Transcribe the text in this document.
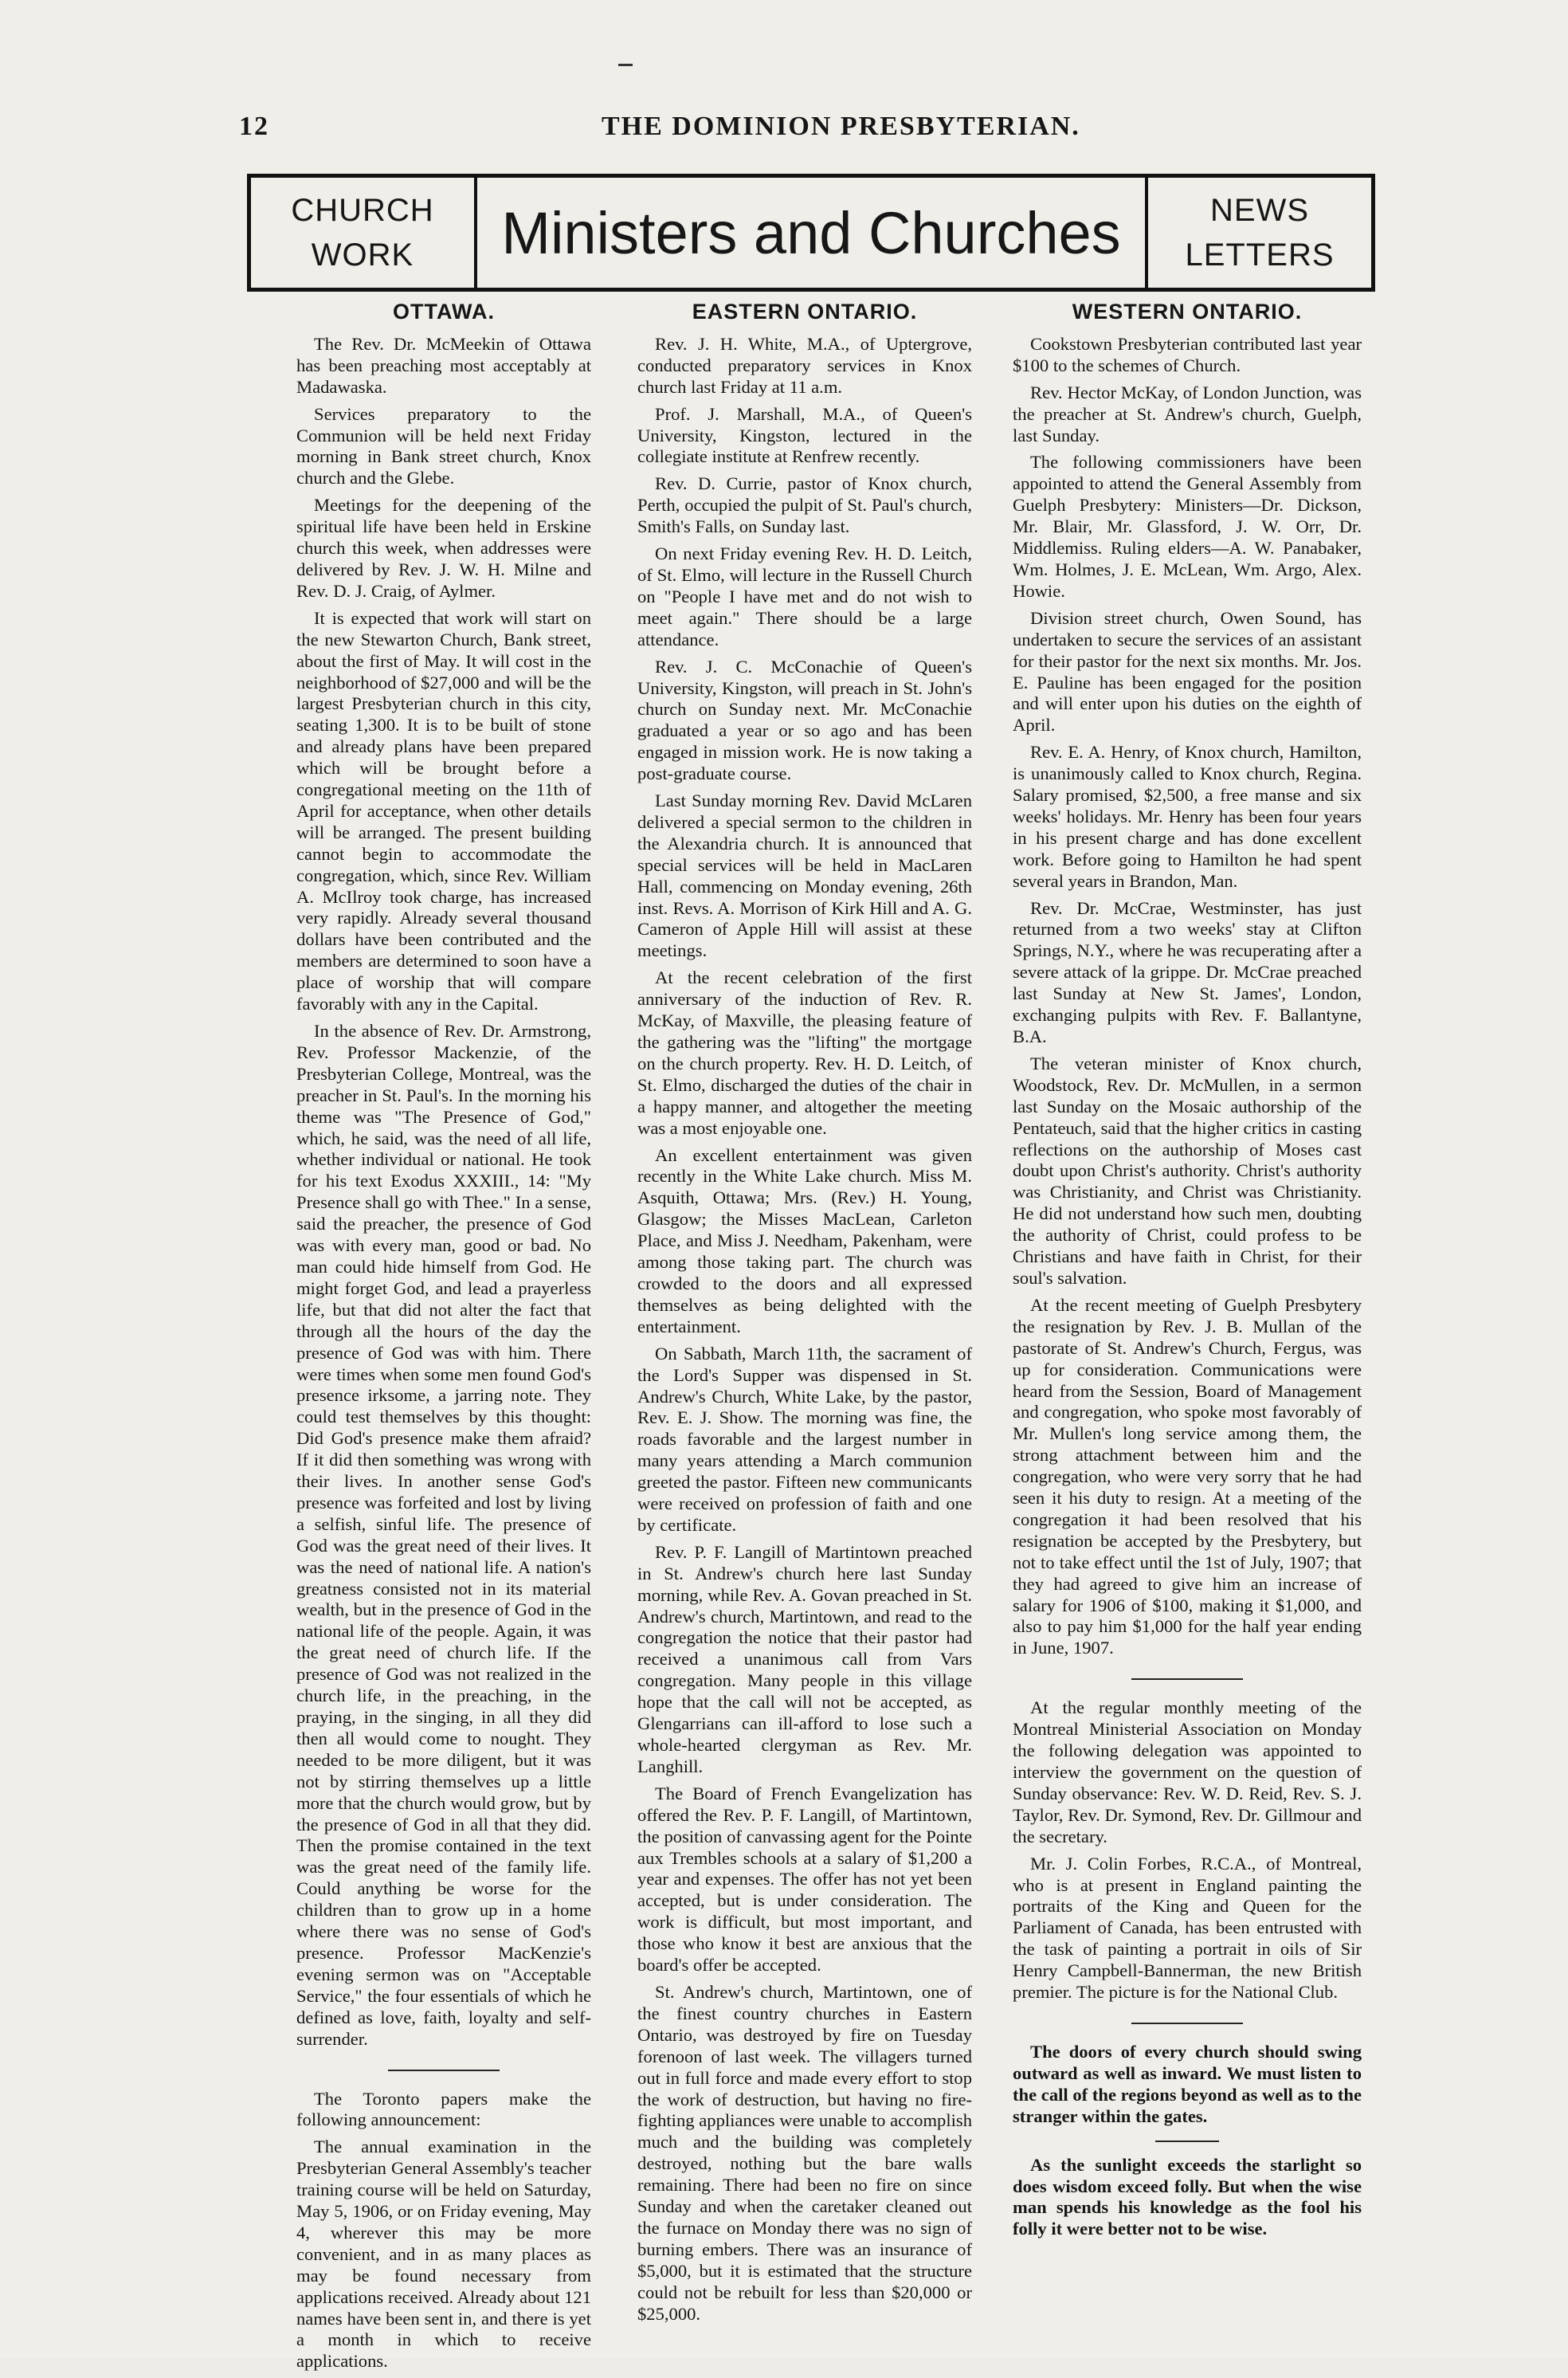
12	THE DOMINION PRESBYTERIAN.
CHURCH
WORK	Ministers and Churches	NEWS
LETTERS
OTTAWA.

The Rev. Dr. McMeekin of Ottawa has been preaching most acceptably at Madawaska.

Services preparatory to the Communion will be held next Friday morning in Bank street church, Knox church and the Glebe.

Meetings for the deepening of the spiritual life have been held in Erskine church this week, when addresses were delivered by Rev. J. W. H. Milne and Rev. D. J. Craig, of Aylmer.

It is expected that work will start on the new Stewarton Church, Bank street, about the first of May. It will cost in the neighborhood of $27,000 and will be the largest Presbyterian church in this city, seating 1,300. It is to be built of stone and already plans have been prepared which will be brought before a congregational meeting on the 11th of April for acceptance, when other details will be arranged. The present building cannot begin to accommodate the congregation, which, since Rev. William A. McIlroy took charge, has increased very rapidly. Already several thousand dollars have been contributed and the members are determined to soon have a place of worship that will compare favorably with any in the Capital.

In the absence of Rev. Dr. Armstrong, Rev. Professor Mackenzie, of the Presbyterian College, Montreal, was the preacher in St. Paul's. In the morning his theme was "The Presence of God," which, he said, was the need of all life, whether individual or national. He took for his text Exodus XXXIII., 14: "My Presence shall go with Thee." In a sense, said the preacher, the presence of God was with every man, good or bad. No man could hide himself from God. He might forget God, and lead a prayerless life, but that did not alter the fact that through all the hours of the day the presence of God was with him. There were times when some men found God's presence irksome, a jarring note. They could test themselves by this thought: Did God's presence make them afraid? If it did then something was wrong with their lives. In another sense God's presence was forfeited and lost by living a selfish, sinful life. The presence of God was the great need of their lives. It was the need of national life. A nation's greatness consisted not in its material wealth, but in the presence of God in the national life of the people. Again, it was the great need of church life. If the presence of God was not realized in the church life, in the preaching, in the praying, in the singing, in all they did then all would come to nought. They needed to be more diligent, but it was not by stirring themselves up a little more that the church would grow, but by the presence of God in all that they did. Then the promise contained in the text was the great need of the family life. Could anything be worse for the children than to grow up in a home where there was no sense of God's presence. Professor MacKenzie's evening sermon was on "Acceptable Service," the four essentials of which he defined as love, faith, loyalty and self-surrender.

The Toronto papers make the following announcement:

The annual examination in the Presbyterian General Assembly's teacher training course will be held on Saturday, May 5, 1906, or on Friday evening, May 4, wherever this may be more convenient, and in as many places as may be found necessary from applications received. Already about 121 names have been sent in, and there is yet a month in which to receive applications.

EASTERN ONTARIO.

Rev. J. H. White, M.A., of Uptergrove, conducted preparatory services in Knox church last Friday at 11 a.m.

Prof. J. Marshall, M.A., of Queen's University, Kingston, lectured in the collegiate institute at Renfrew recently.

Rev. D. Currie, pastor of Knox church, Perth, occupied the pulpit of St. Paul's church, Smith's Falls, on Sunday last.

On next Friday evening Rev. H. D. Leitch, of St. Elmo, will lecture in the Russell Church on "People I have met and do not wish to meet again." There should be a large attendance.

Rev. J. C. McConachie of Queen's University, Kingston, will preach in St. John's church on Sunday next. Mr. McConachie graduated a year or so ago and has been engaged in mission work. He is now taking a post-graduate course.

Last Sunday morning Rev. David McLaren delivered a special sermon to the children in the Alexandria church. It is announced that special services will be held in MacLaren Hall, commencing on Monday evening, 26th inst. Revs. A. Morrison of Kirk Hill and A. G. Cameron of Apple Hill will assist at these meetings.

At the recent celebration of the first anniversary of the induction of Rev. R. McKay, of Maxville, the pleasing feature of the gathering was the "lifting" the mortgage on the church property. Rev. H. D. Leitch, of St. Elmo, discharged the duties of the chair in a happy manner, and altogether the meeting was a most enjoyable one.

An excellent entertainment was given recently in the White Lake church. Miss M. Asquith, Ottawa; Mrs. (Rev.) H. Young, Glasgow; the Misses MacLean, Carleton Place, and Miss J. Needham, Pakenham, were among those taking part. The church was crowded to the doors and all expressed themselves as being delighted with the entertainment.

On Sabbath, March 11th, the sacrament of the Lord's Supper was dispensed in St. Andrew's Church, White Lake, by the pastor, Rev. E. J. Show. The morning was fine, the roads favorable and the largest number in many years attending a March communion greeted the pastor. Fifteen new communicants were received on profession of faith and one by certificate.

Rev. P. F. Langill of Martintown preached in St. Andrew's church here last Sunday morning, while Rev. A. Govan preached in St. Andrew's church, Martintown, and read to the congregation the notice that their pastor had received a unanimous call from Vars congregation. Many people in this village hope that the call will not be accepted, as Glengarrians can ill-afford to lose such a whole-hearted clergyman as Rev. Mr. Langhill.

The Board of French Evangelization has offered the Rev. P. F. Langill, of Martintown, the position of canvassing agent for the Pointe aux Trembles schools at a salary of $1,200 a year and expenses. The offer has not yet been accepted, but is under consideration. The work is difficult, but most important, and those who know it best are anxious that the board's offer be accepted.

St. Andrew's church, Martintown, one of the finest country churches in Eastern Ontario, was destroyed by fire on Tuesday forenoon of last week. The villagers turned out in full force and made every effort to stop the work of destruction, but having no fire-fighting appliances were unable to accomplish much and the building was completely destroyed, nothing but the bare walls remaining. There had been no fire on since Sunday and when the caretaker cleaned out the furnace on Monday there was no sign of burning embers. There was an insurance of $5,000, but it is estimated that the structure could not be rebuilt for less than $20,000 or $25,000.

WESTERN ONTARIO.

Cookstown Presbyterian contributed last year $100 to the schemes of Church.

Rev. Hector McKay, of London Junction, was the preacher at St. Andrew's church, Guelph, last Sunday.

The following commissioners have been appointed to attend the General Assembly from Guelph Presbytery: Ministers—Dr. Dickson, Mr. Blair, Mr. Glassford, J. W. Orr, Dr. Middlemiss. Ruling elders—A. W. Panabaker, Wm. Holmes, J. E. McLean, Wm. Argo, Alex. Howie.

Division street church, Owen Sound, has undertaken to secure the services of an assistant for their pastor for the next six months. Mr. Jos. E. Pauline has been engaged for the position and will enter upon his duties on the eighth of April.

Rev. E. A. Henry, of Knox church, Hamilton, is unanimously called to Knox church, Regina. Salary promised, $2,500, a free manse and six weeks' holidays. Mr. Henry has been four years in his present charge and has done excellent work. Before going to Hamilton he had spent several years in Brandon, Man.

Rev. Dr. McCrae, Westminster, has just returned from a two weeks' stay at Clifton Springs, N.Y., where he was recuperating after a severe attack of la grippe. Dr. McCrae preached last Sunday at New St. James', London, exchanging pulpits with Rev. F. Ballantyne, B.A.

The veteran minister of Knox church, Woodstock, Rev. Dr. McMullen, in a sermon last Sunday on the Mosaic authorship of the Pentateuch, said that the higher critics in casting reflections on the authorship of Moses cast doubt upon Christ's authority. Christ's authority was Christianity, and Christ was Christianity. He did not understand how such men, doubting the authority of Christ, could profess to be Christians and have faith in Christ, for their soul's salvation.

At the recent meeting of Guelph Presbytery the resignation by Rev. J. B. Mullan of the pastorate of St. Andrew's Church, Fergus, was up for consideration. Communications were heard from the Session, Board of Management and congregation, who spoke most favorably of Mr. Mullen's long service among them, the strong attachment between him and the congregation, who were very sorry that he had seen it his duty to resign. At a meeting of the congregation it had been resolved that his resignation be accepted by the Presbytery, but not to take effect until the 1st of July, 1907; that they had agreed to give him an increase of salary for 1906 of $100, making it $1,000, and also to pay him $1,000 for the half year ending in June, 1907.

At the regular monthly meeting of the Montreal Ministerial Association on Monday the following delegation was appointed to interview the government on the question of Sunday observance: Rev. W. D. Reid, Rev. S. J. Taylor, Rev. Dr. Symond, Rev. Dr. Gillmour and the secretary.

Mr. J. Colin Forbes, R.C.A., of Montreal, who is at present in England painting the portraits of the King and Queen for the Parliament of Canada, has been entrusted with the task of painting a portrait in oils of Sir Henry Campbell-Bannerman, the new British premier. The picture is for the National Club.

The doors of every church should swing outward as well as inward. We must listen to the call of the regions beyond as well as to the stranger within the gates.

As the sunlight exceeds the starlight so does wisdom exceed folly. But when the wise man spends his knowledge as the fool his folly it were better not to be wise.
